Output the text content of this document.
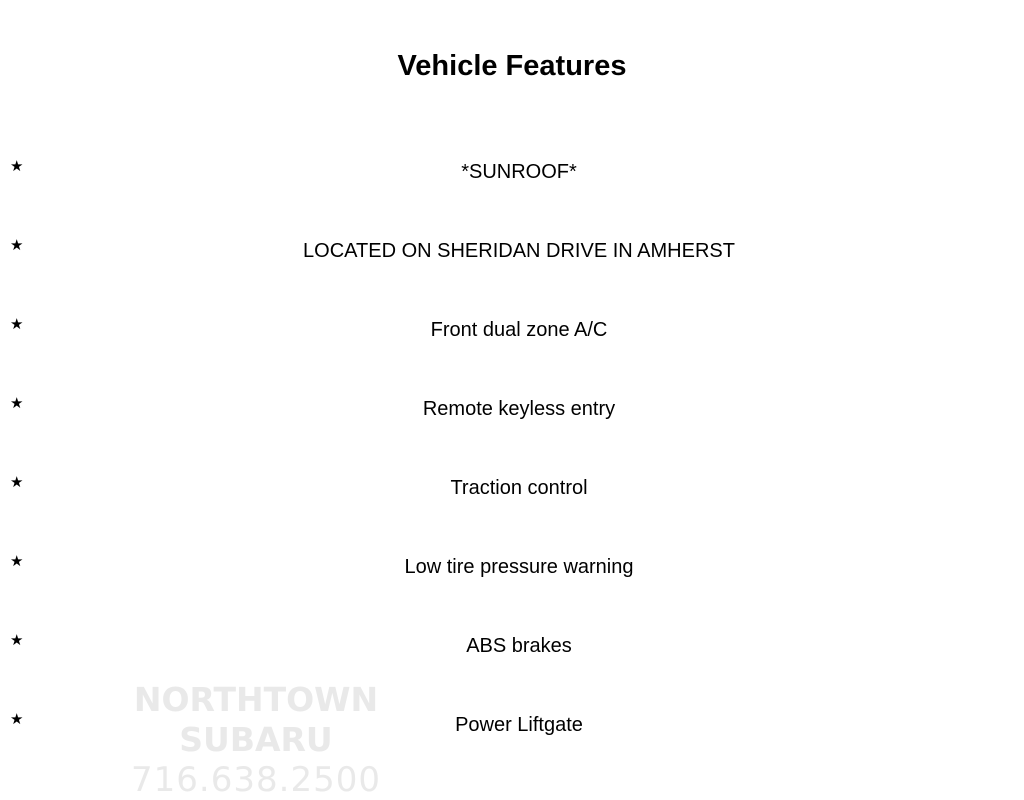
Vehicle Features
★	*SUNROOF*
★	LOCATED ON SHERIDAN DRIVE IN AMHERST
★	Front dual zone A/C
★	Remote keyless entry
★	Traction control
★	Low tire pressure warning
★	ABS brakes
★	Power Liftgate
NORTHTOWN SUBARU
716.638.2500
